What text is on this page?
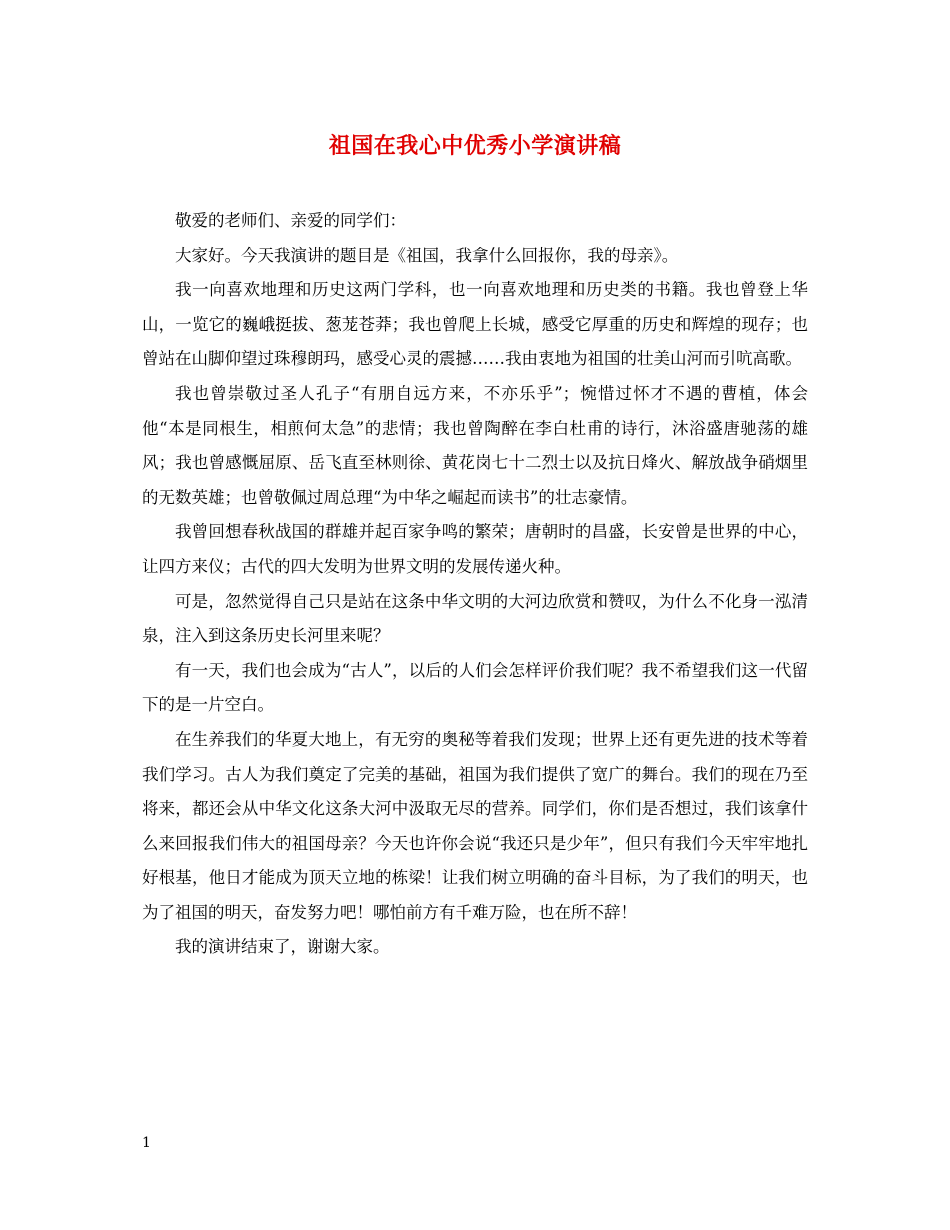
祖国在我心中优秀小学演讲稿

敬爱的老师们、亲爱的同学们：

大家好。今天我演讲的题目是《祖国，我拿什么回报你，我的母亲》。

我一向喜欢地理和历史这两门学科，也一向喜欢地理和历史类的书籍。我也曾登上华山，一览它的巍峨挺拔、葱茏苍莽；我也曾爬上长城，感受它厚重的历史和辉煌的现存；也曾站在山脚仰望过珠穆朗玛，感受心灵的震撼……我由衷地为祖国的壮美山河而引吭高歌。

我也曾崇敬过圣人孔子“有朋自远方来，不亦乐乎”；惋惜过怀才不遇的曹植，体会他“本是同根生，相煎何太急”的悲情；我也曾陶醉在李白杜甫的诗行，沐浴盛唐驰荡的雄风；我也曾感慨屈原、岳飞直至林则徐、黄花岗七十二烈士以及抗日烽火、解放战争硝烟里的无数英雄；也曾敬佩过周总理“为中华之崛起而读书”的壮志豪情。

我曾回想春秋战国的群雄并起百家争鸣的繁荣；唐朝时的昌盛，长安曾是世界的中心，让四方来仪；古代的四大发明为世界文明的发展传递火种。

可是，忽然觉得自己只是站在这条中华文明的大河边欣赏和赞叹，为什么不化身一泓清泉，注入到这条历史长河里来呢？

有一天，我们也会成为“古人”，以后的人们会怎样评价我们呢？我不希望我们这一代留下的是一片空白。

在生养我们的华夏大地上，有无穷的奥秘等着我们发现；世界上还有更先进的技术等着我们学习。古人为我们奠定了完美的基础，祖国为我们提供了宽广的舞台。我们的现在乃至将来，都还会从中华文化这条大河中汲取无尽的营养。同学们，你们是否想过，我们该拿什么来回报我们伟大的祖国母亲？今天也许你会说“我还只是少年”，但只有我们今天牢牢地扎好根基，他日才能成为顶天立地的栋梁！让我们树立明确的奋斗目标，为了我们的明天，也为了祖国的明天，奋发努力吧！哪怕前方有千难万险，也在所不辞！

我的演讲结束了，谢谢大家。

1
